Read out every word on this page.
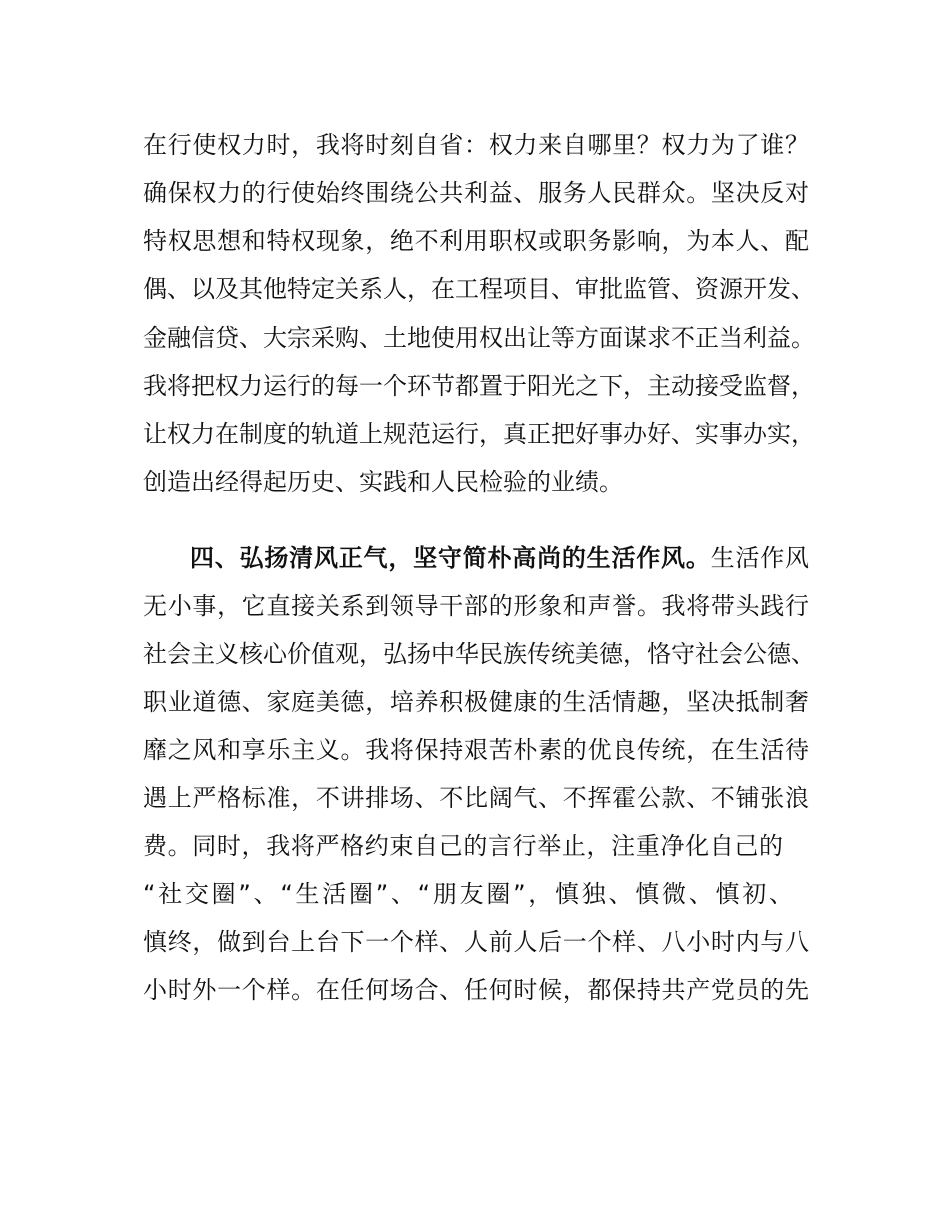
在行使权力时，我将时刻自省：权力来自哪里？权力为了谁？
确保权力的行使始终围绕公共利益、服务人民群众。坚决反对
特权思想和特权现象，绝不利用职权或职务影响，为本人、配
偶、以及其他特定关系人，在工程项目、审批监管、资源开发、
金融信贷、大宗采购、土地使用权出让等方面谋求不正当利益。
我将把权力运行的每一个环节都置于阳光之下，主动接受监督，
让权力在制度的轨道上规范运行，真正把好事办好、实事办实，
创造出经得起历史、实践和人民检验的业绩。
四、弘扬清风正气，坚守简朴高尚的生活作风。生活作风
无小事，它直接关系到领导干部的形象和声誉。我将带头践行
社会主义核心价值观，弘扬中华民族传统美德，恪守社会公德、
职业道德、家庭美德，培养积极健康的生活情趣，坚决抵制奢
靡之风和享乐主义。我将保持艰苦朴素的优良传统，在生活待
遇上严格标准，不讲排场、不比阔气、不挥霍公款、不铺张浪
费。同时，我将严格约束自己的言行举止，注重净化自己的
“社交圈”、“生活圈”、“朋友圈”，慎独、慎微、慎初、
慎终，做到台上台下一个样、人前人后一个样、八小时内与八
小时外一个样。在任何场合、任何时候，都保持共产党员的先
